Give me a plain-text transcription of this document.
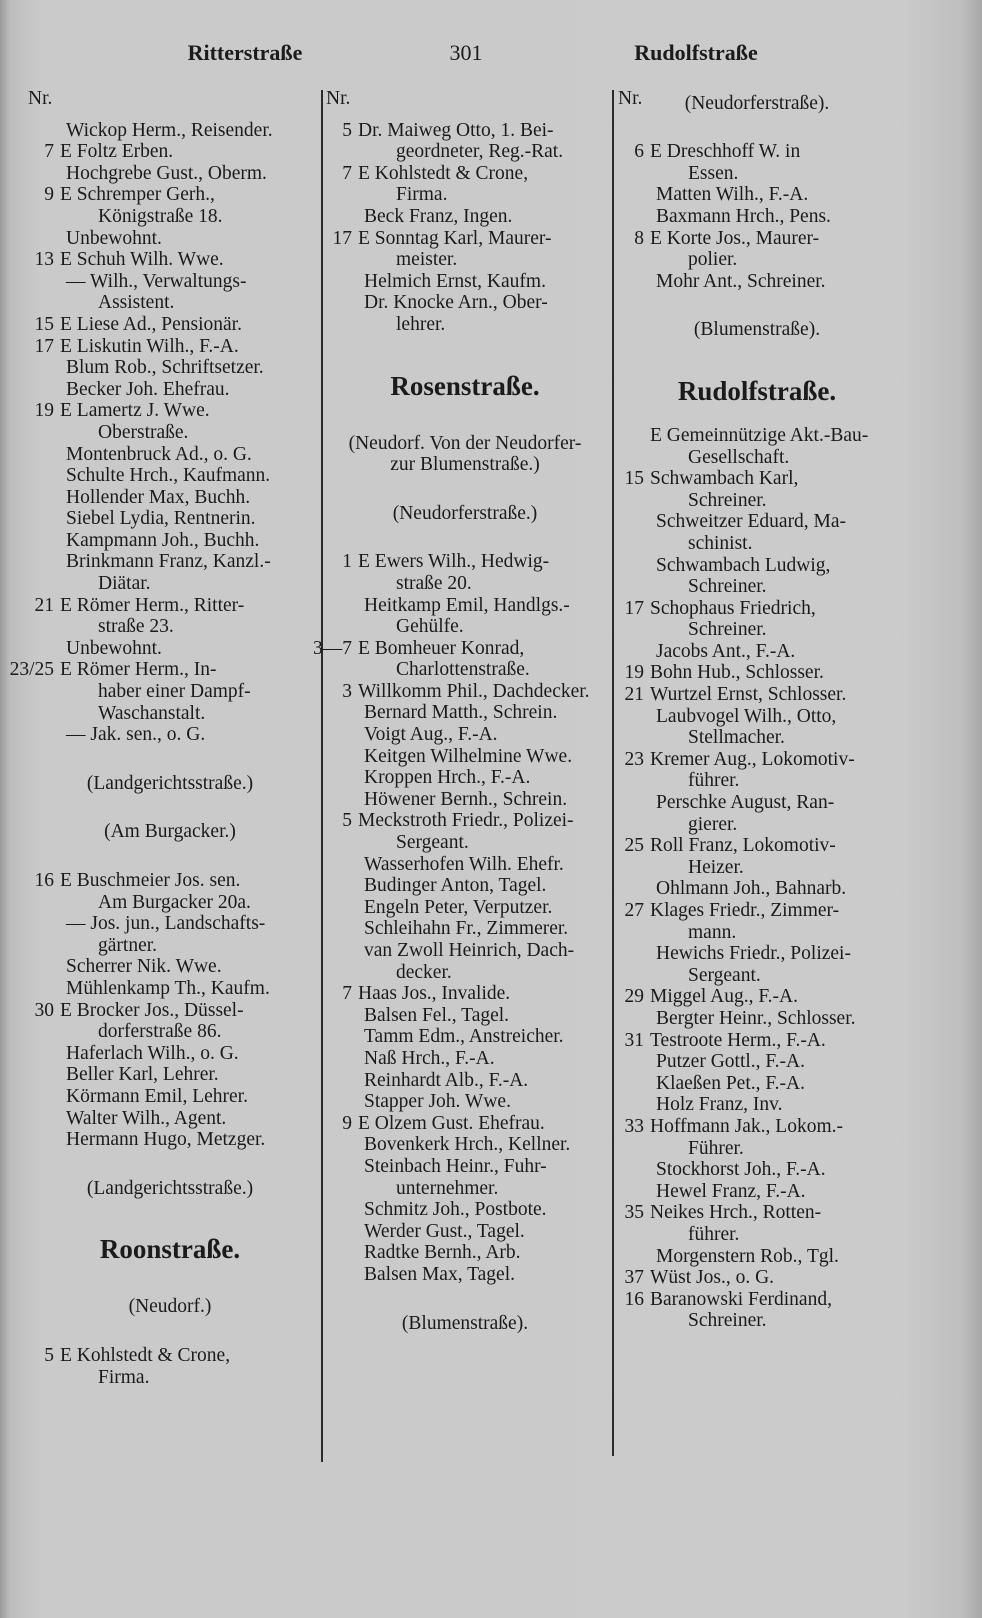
Ritterstraße	301	Rudolfstraße
Nr.
Wickop Herm., Reisender.
7 E Foltz Erben.
Hochgrebe Gust., Oberm.
9 E Schremper Gerh.,
Königstraße 18.
Unbewohnt.
13 E Schuh Wilh. Wwe.
— Wilh., Verwaltungs-
Assistent.
15 E Liese Ad., Pensionär.
17 E Liskutin Wilh., F.-A.
Blum Rob., Schriftsetzer.
Becker Joh. Ehefrau.
19 E Lamertz J. Wwe.
Oberstraße.
Montenbruck Ad., o. G.
Schulte Hrch., Kaufmann.
Hollender Max, Buchh.
Siebel Lydia, Rentnerin.
Kampmann Joh., Buchh.
Brinkmann Franz, Kanzl.-
Diätar.
21 E Römer Herm., Ritter-
straße 23.
Unbewohnt.
23/25 E Römer Herm., In-
haber einer Dampf-
Waschanstalt.
— Jak. sen., o. G.
(Landgerichtsstraße.)
(Am Burgacker.)
16 E Buschmeier Jos. sen.
Am Burgacker 20a.
— Jos. jun., Landschafts-
gärtner.
Scherrer Nik. Wwe.
Mühlenkamp Th., Kaufm.
30 E Brocker Jos., Düssel-
dorferstraße 86.
Haferlach Wilh., o. G.
Beller Karl, Lehrer.
Körmann Emil, Lehrer.
Walter Wilh., Agent.
Hermann Hugo, Metzger.
(Landgerichtsstraße.)
Roonstraße.
(Neudorf.)
5 E Kohlstedt & Crone,
Firma.
Nr.
5 Dr. Maiweg Otto, 1. Bei-
geordneter, Reg.-Rat.
7 E Kohlstedt & Crone,
Firma.
Beck Franz, Ingen.
17 E Sonntag Karl, Maurer-
meister.
Helmich Ernst, Kaufm.
Dr. Knocke Arn., Ober-
lehrer.
Rosenstraße.
(Neudorf. Von der Neudorfer-
zur Blumenstraße.)
(Neudorferstraße.)
1 E Ewers Wilh., Hedwig-
straße 20.
Heitkamp Emil, Handlgs.-
Gehülfe.
3—7 E Bomheuer Konrad,
Charlottenstraße.
3 Willkomm Phil., Dachdecker.
Bernard Matth., Schrein.
Voigt Aug., F.-A.
Keitgen Wilhelmine Wwe.
Kroppen Hrch., F.-A.
Höwener Bernh., Schrein.
5 Meckstroth Friedr., Polizei-
Sergeant.
Wasserhofen Wilh. Ehefr.
Budinger Anton, Tagel.
Engeln Peter, Verputzer.
Schleihahn Fr., Zimmerer.
van Zwoll Heinrich, Dach-
decker.
7 Haas Jos., Invalide.
Balsen Fel., Tagel.
Tamm Edm., Anstreicher.
Naß Hrch., F.-A.
Reinhardt Alb., F.-A.
Stapper Joh. Wwe.
9 E Olzem Gust. Ehefrau.
Bovenkerk Hrch., Kellner.
Steinbach Heinr., Fuhr-
unternehmer.
Schmitz Joh., Postbote.
Werder Gust., Tagel.
Radtke Bernh., Arb.
Balsen Max, Tagel.
(Blumenstraße).
Nr.	(Neudorferstraße).
6 E Dreschhoff W. in
Essen.
Matten Wilh., F.-A.
Baxmann Hrch., Pens.
8 E Korte Jos., Maurer-
polier.
Mohr Ant., Schreiner.
(Blumenstraße).
Rudolfstraße.
E Gemeinnützige Akt.-Bau-
Gesellschaft.
15 Schwambach Karl,
Schreiner.
Schweitzer Eduard, Ma-
schinist.
Schwambach Ludwig,
Schreiner.
17 Schophaus Friedrich,
Schreiner.
Jacobs Ant., F.-A.
19 Bohn Hub., Schlosser.
21 Wurtzel Ernst, Schlosser.
Laubvogel Wilh., Otto,
Stellmacher.
23 Kremer Aug., Lokomotiv-
führer.
Perschke August, Ran-
gierer.
25 Roll Franz, Lokomotiv-
Heizer.
Ohlmann Joh., Bahnarb.
27 Klages Friedr., Zimmer-
mann.
Hewichs Friedr., Polizei-
Sergeant.
29 Miggel Aug., F.-A.
Bergter Heinr., Schlosser.
31 Testroote Herm., F.-A.
Putzer Gottl., F.-A.
Klaeßen Pet., F.-A.
Holz Franz, Inv.
33 Hoffmann Jak., Lokom.-
Führer.
Stockhorst Joh., F.-A.
Hewel Franz, F.-A.
35 Neikes Hrch., Rotten-
führer.
Morgenstern Rob., Tgl.
37 Wüst Jos., o. G.
16 Baranowski Ferdinand,
Schreiner.
